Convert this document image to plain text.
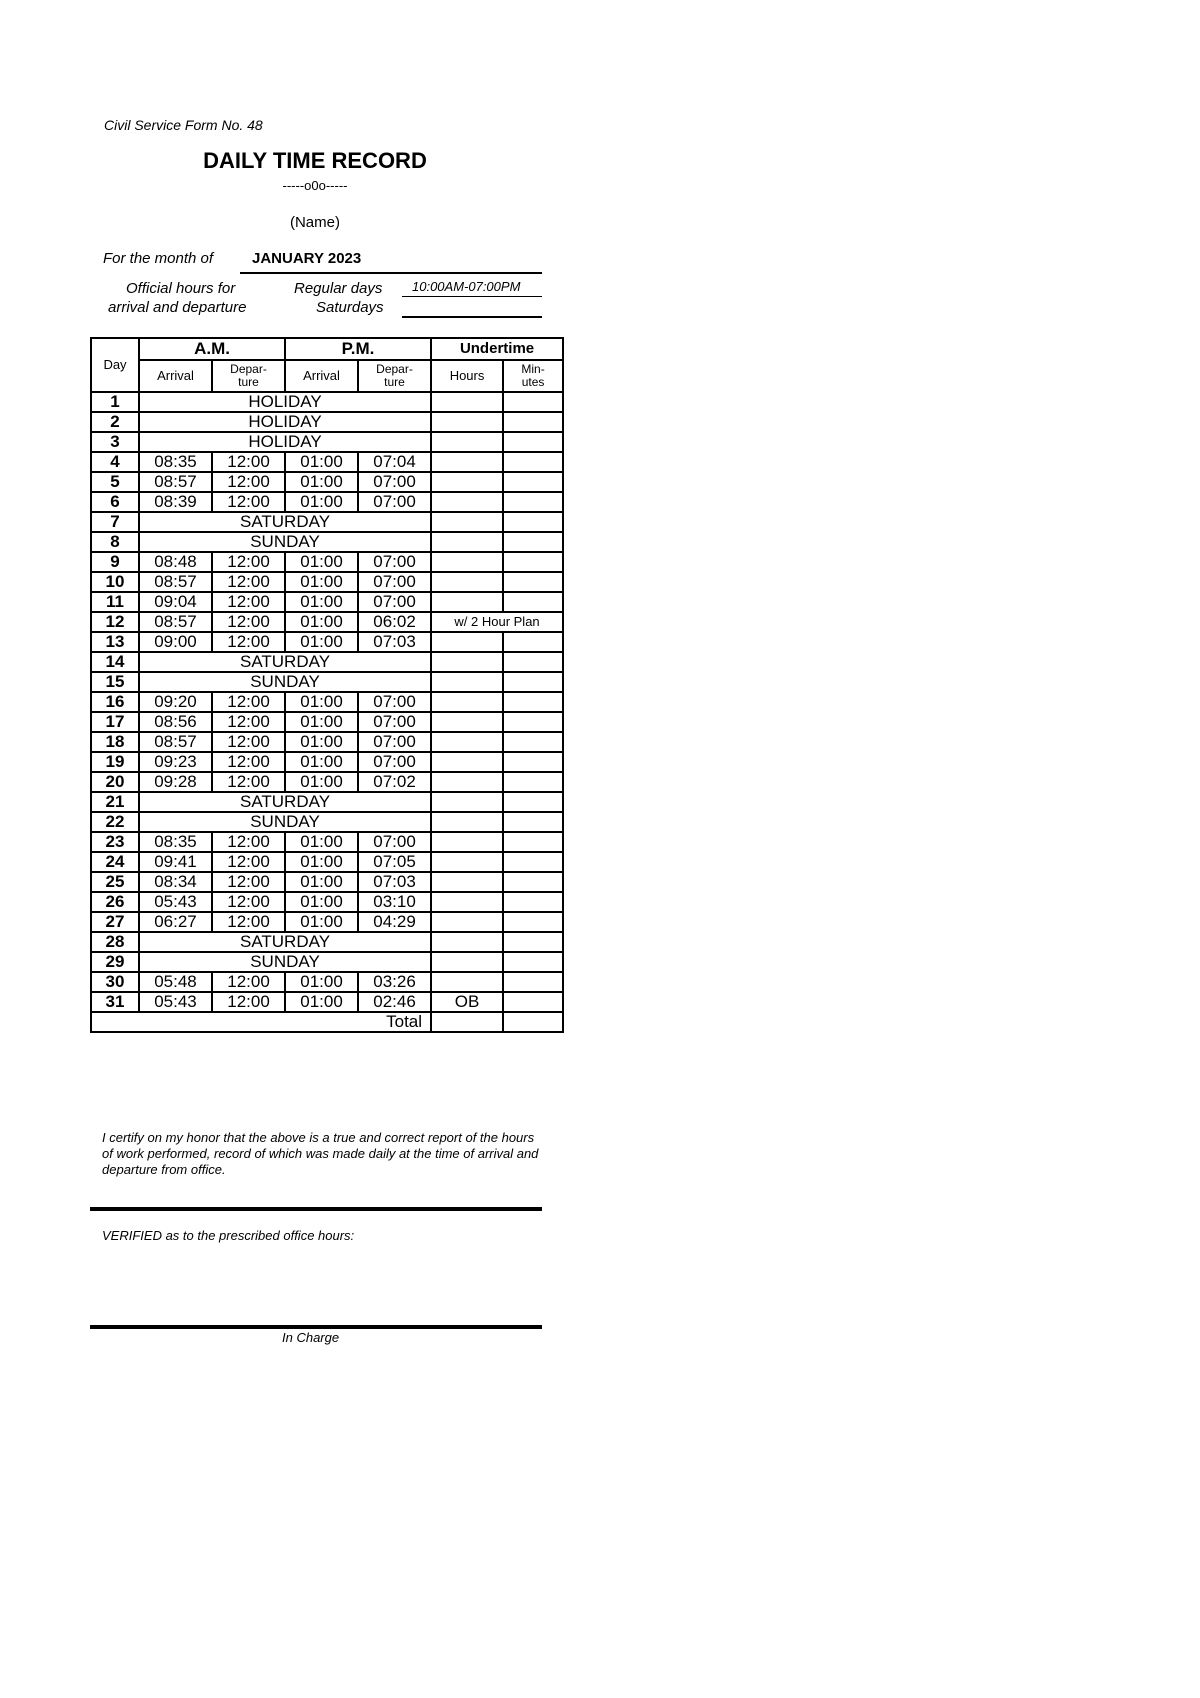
Civil Service Form No. 48
DAILY TIME RECORD
-----o0o-----
(Name)
For the month of	JANUARY 2023
Official hours for
arrival and departure
Regular days
Saturdays
10:00AM-07:00PM
Day	A.M.		P.M.		Undertime	
	Arrival	Depar- ture	Arrival	Depar- ture	Hours	Min- utes
1	HOLIDAY					
2	HOLIDAY					
3	HOLIDAY					
4	08:35	12:00	01:00	07:04		
5	08:57	12:00	01:00	07:00		
6	08:39	12:00	01:00	07:00		
7	SATURDAY					
8	SUNDAY					
9	08:48	12:00	01:00	07:00		
10	08:57	12:00	01:00	07:00		
11	09:04	12:00	01:00	07:00		
12	08:57	12:00	01:00	06:02	w/ 2 Hour Plan	
13	09:00	12:00	01:00	07:03		
14	SATURDAY					
15	SUNDAY					
16	09:20	12:00	01:00	07:00		
17	08:56	12:00	01:00	07:00		
18	08:57	12:00	01:00	07:00		
19	09:23	12:00	01:00	07:00		
20	09:28	12:00	01:00	07:02		
21	SATURDAY					
22	SUNDAY					
23	08:35	12:00	01:00	07:00		
24	09:41	12:00	01:00	07:05		
25	08:34	12:00	01:00	07:03		
26	05:43	12:00	01:00	03:10		
27	06:27	12:00	01:00	04:29		
28	SATURDAY					
29	SUNDAY					
30	05:48	12:00	01:00	03:26		
31	05:43	12:00	01:00	02:46	OB	
Total						
I certify on my honor that the above is a true and correct report of the hours of work performed, record of which was made daily at the time of arrival and departure from office.
VERIFIED as to the prescribed office hours:
In Charge
